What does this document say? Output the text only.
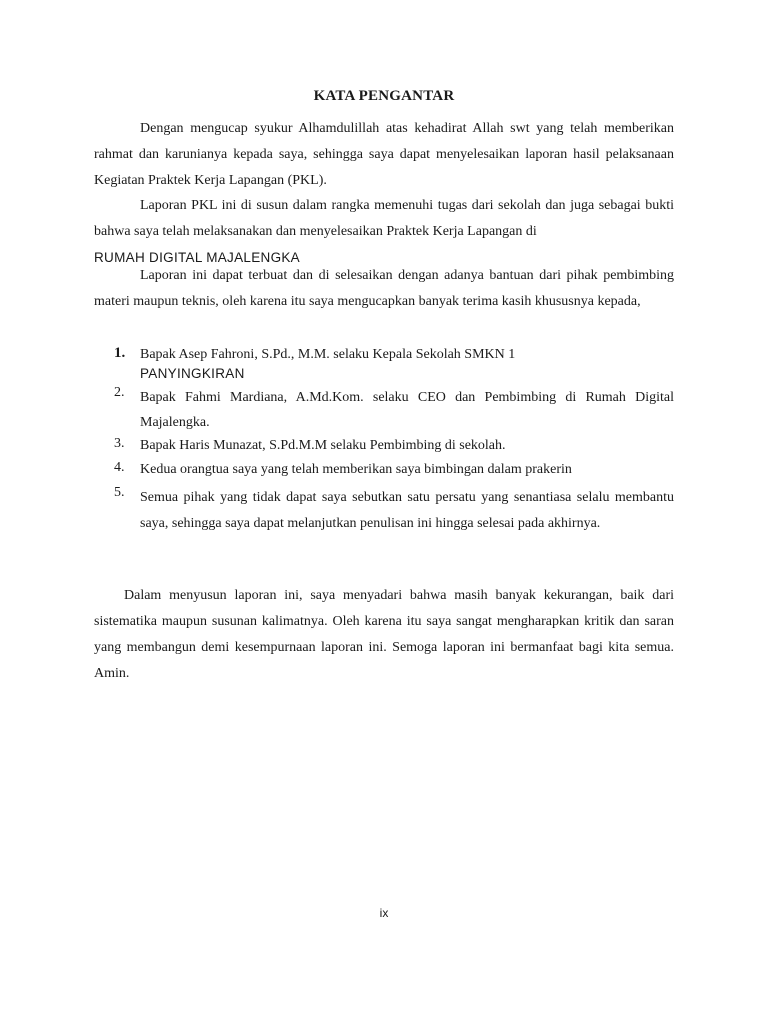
KATA PENGANTAR

Dengan mengucap syukur Alhamdulillah atas kehadirat Allah swt yang telah memberikan rahmat dan karunianya kepada saya, sehingga saya dapat menyelesaikan laporan hasil pelaksanaan Kegiatan Praktek Kerja Lapangan (PKL).

Laporan PKL ini di susun dalam rangka memenuhi tugas dari sekolah dan juga sebagai bukti bahwa saya telah melaksanakan dan menyelesaikan Praktek Kerja Lapangan di
RUMAH DIGITAL MAJALENGKA

Laporan ini dapat terbuat dan di selesaikan dengan adanya bantuan dari pihak pembimbing materi maupun teknis, oleh karena itu saya mengucapkan banyak terima kasih khususnya kepada,

1.	Bapak Asep Fahroni, S.Pd., M.M. selaku Kepala Sekolah SMKN 1
PANYINGKIRAN
2.	Bapak Fahmi Mardiana, A.Md.Kom. selaku CEO dan Pembimbing di Rumah Digital Majalengka.
3.	Bapak Haris Munazat, S.Pd.M.M selaku Pembimbing di sekolah.
4.	Kedua orangtua saya yang telah memberikan saya bimbingan dalam prakerin
5.	Semua pihak yang tidak dapat saya sebutkan satu persatu yang senantiasa selalu membantu saya, sehingga saya dapat melanjutkan penulisan ini hingga selesai pada akhirnya.

Dalam menyusun laporan ini, saya menyadari bahwa masih banyak kekurangan, baik dari sistematika maupun susunan kalimatnya. Oleh karena itu saya sangat mengharapkan kritik dan saran yang membangun demi kesempurnaan laporan ini. Semoga laporan ini bermanfaat bagi kita semua. Amin.

ix
